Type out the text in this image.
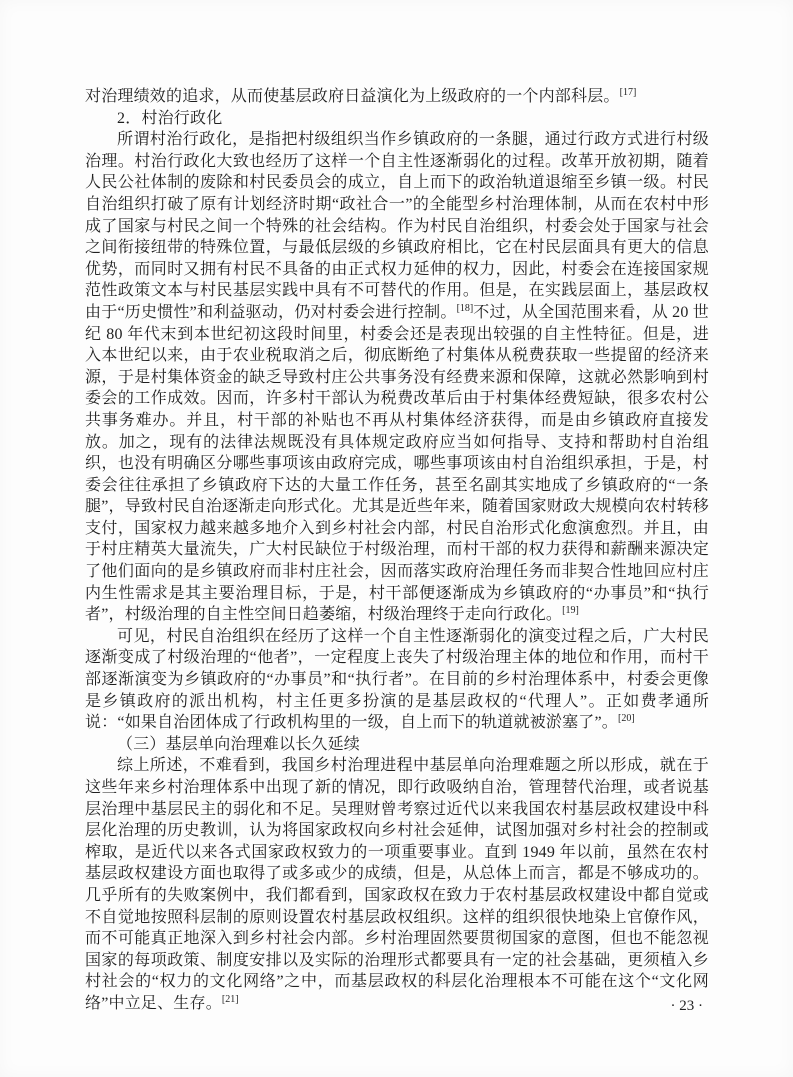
对治理绩效的追求，从而使基层政府日益演化为上级政府的一个内部科层。[17]

2．村治行政化

所谓村治行政化，是指把村级组织当作乡镇政府的一条腿，通过行政方式进行村级治理。村治行政化大致也经历了这样一个自主性逐渐弱化的过程。改革开放初期，随着人民公社体制的废除和村民委员会的成立，自上而下的政治轨道退缩至乡镇一级。村民自治组织打破了原有计划经济时期“政社合一”的全能型乡村治理体制，从而在农村中形成了国家与村民之间一个特殊的社会结构。作为村民自治组织，村委会处于国家与社会之间衔接纽带的特殊位置，与最低层级的乡镇政府相比，它在村民层面具有更大的信息优势，而同时又拥有村民不具备的由正式权力延伸的权力，因此，村委会在连接国家规范性政策文本与村民基层实践中具有不可替代的作用。但是，在实践层面上，基层政权由于“历史惯性”和利益驱动，仍对村委会进行控制。[18]不过，从全国范围来看，从 20 世纪 80 年代末到本世纪初这段时间里，村委会还是表现出较强的自主性特征。但是，进入本世纪以来，由于农业税取消之后，彻底断绝了村集体从税费获取一些提留的经济来源，于是村集体资金的缺乏导致村庄公共事务没有经费来源和保障，这就必然影响到村委会的工作成效。因而，许多村干部认为税费改革后由于村集体经费短缺，很多农村公共事务难办。并且，村干部的补贴也不再从村集体经济获得，而是由乡镇政府直接发放。加之，现有的法律法规既没有具体规定政府应当如何指导、支持和帮助村自治组织，也没有明确区分哪些事项该由政府完成，哪些事项该由村自治组织承担，于是，村委会往往承担了乡镇政府下达的大量工作任务，甚至名副其实地成了乡镇政府的“一条腿”，导致村民自治逐渐走向形式化。尤其是近些年来，随着国家财政大规模向农村转移支付，国家权力越来越多地介入到乡村社会内部，村民自治形式化愈演愈烈。并且，由于村庄精英大量流失，广大村民缺位于村级治理，而村干部的权力获得和薪酬来源决定了他们面向的是乡镇政府而非村庄社会，因而落实政府治理任务而非契合性地回应村庄内生性需求是其主要治理目标，于是，村干部便逐渐成为乡镇政府的“办事员”和“执行者”，村级治理的自主性空间日趋萎缩，村级治理终于走向行政化。[19]

可见，村民自治组织在经历了这样一个自主性逐渐弱化的演变过程之后，广大村民逐渐变成了村级治理的“他者”，一定程度上丧失了村级治理主体的地位和作用，而村干部逐渐演变为乡镇政府的“办事员”和“执行者”。在目前的乡村治理体系中，村委会更像是乡镇政府的派出机构，村主任更多扮演的是基层政权的“代理人”。正如费孝通所说：“如果自治团体成了行政机构里的一级，自上而下的轨道就被淤塞了”。[20]

（三）基层单向治理难以长久延续

综上所述，不难看到，我国乡村治理进程中基层单向治理难题之所以形成，就在于这些年来乡村治理体系中出现了新的情况，即行政吸纳自治，管理替代治理，或者说基层治理中基层民主的弱化和不足。吴理财曾考察过近代以来我国农村基层政权建设中科层化治理的历史教训，认为将国家政权向乡村社会延伸，试图加强对乡村社会的控制或榨取，是近代以来各式国家政权致力的一项重要事业。直到 1949 年以前，虽然在农村基层政权建设方面也取得了或多或少的成绩，但是，从总体上而言，都是不够成功的。几乎所有的失败案例中，我们都看到，国家政权在致力于农村基层政权建设中都自觉或不自觉地按照科层制的原则设置农村基层政权组织。这样的组织很快地染上官僚作风，而不可能真正地深入到乡村社会内部。乡村治理固然要贯彻国家的意图，但也不能忽视国家的每项政策、制度安排以及实际的治理形式都要具有一定的社会基础，更须植入乡村社会的“权力的文化网络”之中，而基层政权的科层化治理根本不可能在这个“文化网络”中立足、生存。[21]	· 23 ·
